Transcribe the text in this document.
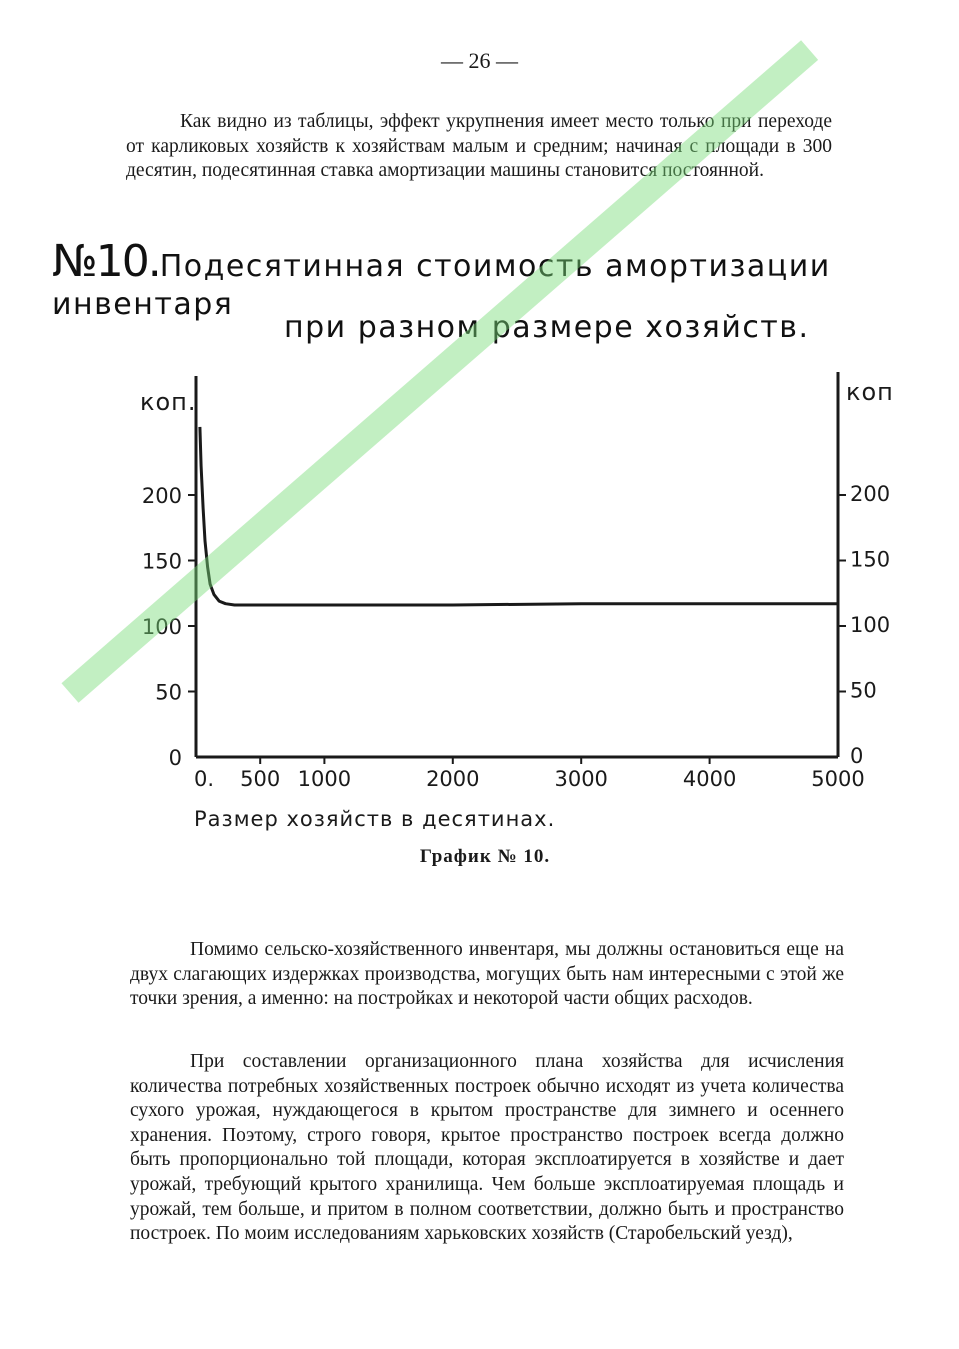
— 26 —

Как видно из таблицы, эффект укрупнения имеет место только при переходе от карликовых хозяйств к хозяйствам малым и средним; начиная с площади в 300 десятин, подесятинная ставка амортизации машины становится постоянной.

№10.Подесятинная стоимость амортизации инвентаря
при разном размере хозяйств.
коп.	коп
0	0
50	50
100	100
150	150
200	200
0. 500 1000	2000	3000	4000	5000
Размер хозяйств в десятинах.
График № 10.

Помимо сельско-хозяйственного инвентаря, мы должны остановиться еще на двух слагающих издержках производства, могущих быть нам интересными с этой же точки зрения, а именно: на постройках и некоторой части общих расходов.

При составлении организационного плана хозяйства для исчисления количества потребных хозяйственных построек обычно исходят из учета количества сухого урожая, нуждающегося в крытом пространстве для зимнего и осеннего хранения. Поэтому, строго говоря, крытое пространство построек всегда должно быть пропорционально той площади, которая эксплоатируется в хозяйстве и дает урожай, требующий крытого хранилища. Чем больше эксплоатируемая площадь и урожай, тем больше, и притом в полном соответствии, должно быть и пространство построек. По моим исследованиям харьковских хозяйств (Старобельский уезд),
